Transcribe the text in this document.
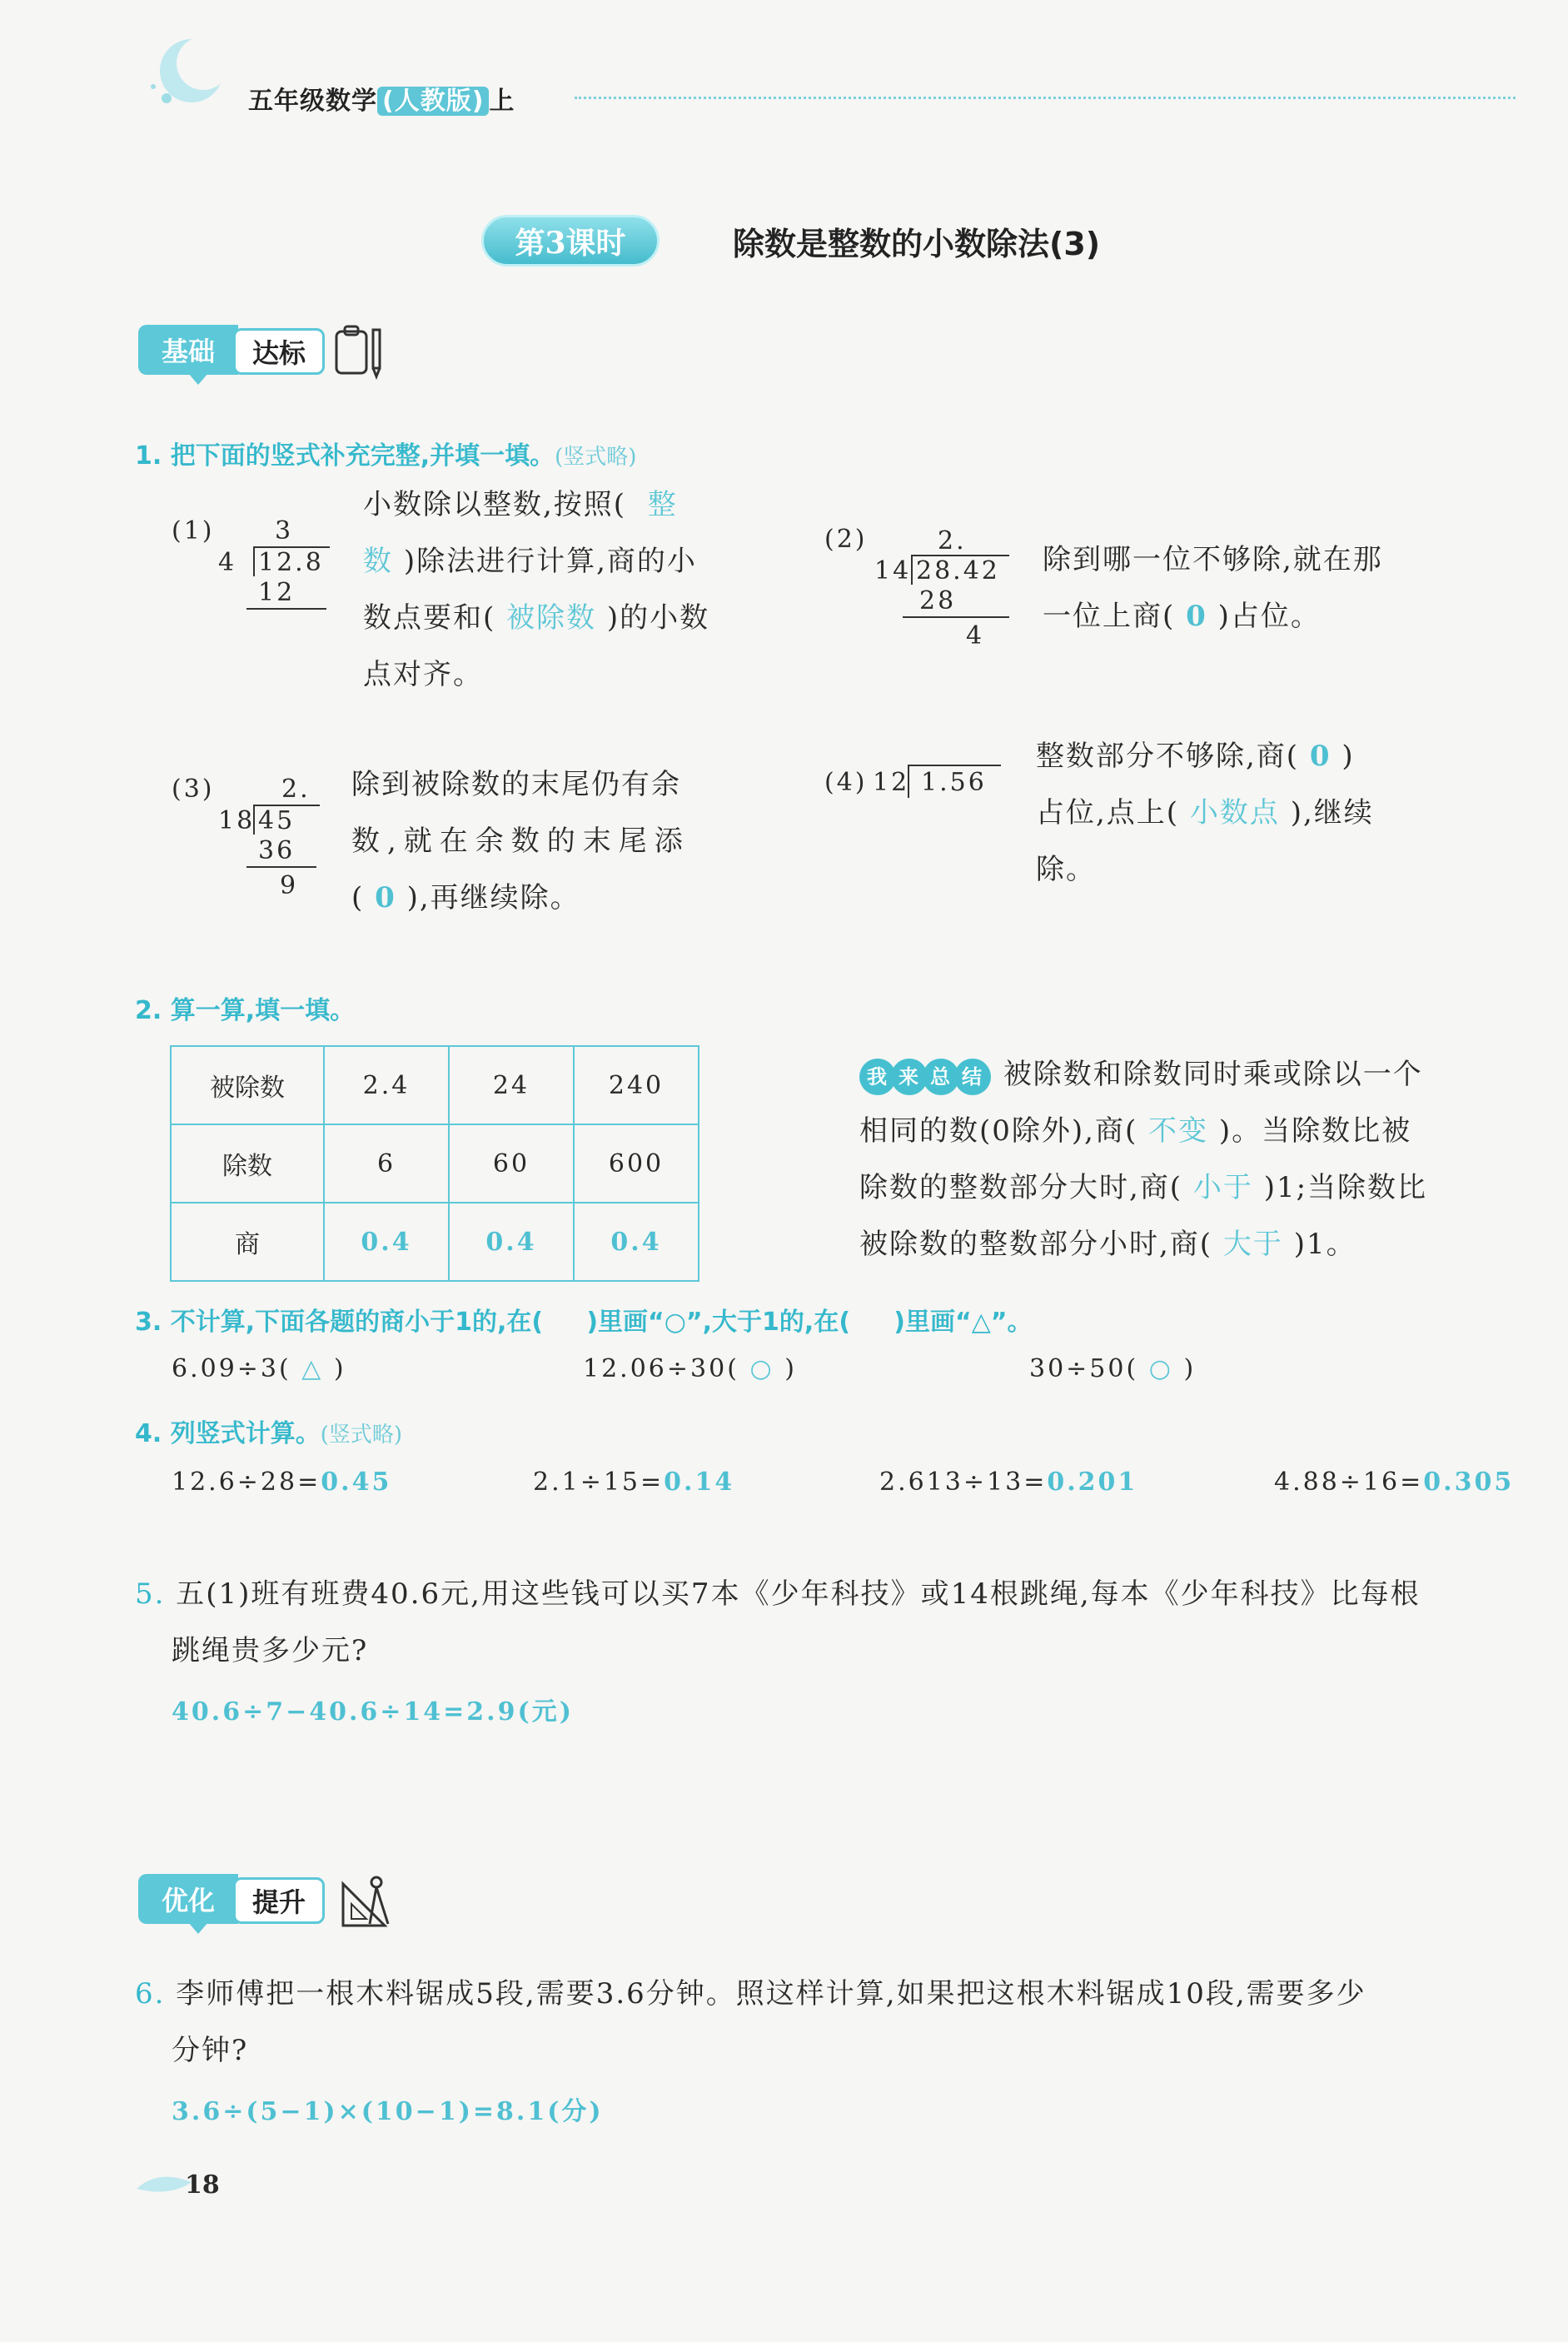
五年级数学 (人教版) 上
第3课时	除数是整数的小数除法(3)
基础	达标
1. 把下面的竖式补充完整,并填一填。(竖式略)
(1) 3
4 12.8
12
小数除以整数,按照( 整
数 )除法进行计算,商的小
数点要和( 被除数 )的小数
点对齐。
(2)	2.
14 28.42
28
4
除到哪一位不够除,就在那
一位上商( 0 )占位。
(3)	2.
18 45
36
9
除到被除数的末尾仍有余
数,就在余数的末尾添
( 0 ),再继续除。
(4) 12 1.56
整数部分不够除,商( 0 )
占位,点上( 小数点 ),继续
除。
2. 算一算,填一填。
被除数	2.4	24	240
除数	6	60	600
商	0.4	0.4	0.4
我 来 总 结 被除数和除数同时乘或除以一个
相同的数(0除外),商( 不变 )。当除数比被
除数的整数部分大时,商( 小于 )1;当除数比
被除数的整数部分小时,商( 大于 )1。
3. 不计算,下面各题的商小于1的,在( )里画“○”,大于1的,在( )里画“△”。
6.09÷3( △ )	12.06÷30( ○ )	30÷50( ○ )
4. 列竖式计算。(竖式略)
12.6÷28=0.45	2.1÷15=0.14	2.613÷13=0.201	4.88÷16=0.305
5. 五(1)班有班费40.6元,用这些钱可以买7本《少年科技》或14根跳绳,每本《少年科技》比每根
跳绳贵多少元?
40.6÷7−40.6÷14=2.9(元)
优化	提升
6. 李师傅把一根木料锯成5段,需要3.6分钟。照这样计算,如果把这根木料锯成10段,需要多少
分钟?
3.6÷(5−1)×(10−1)=8.1(分)
18
